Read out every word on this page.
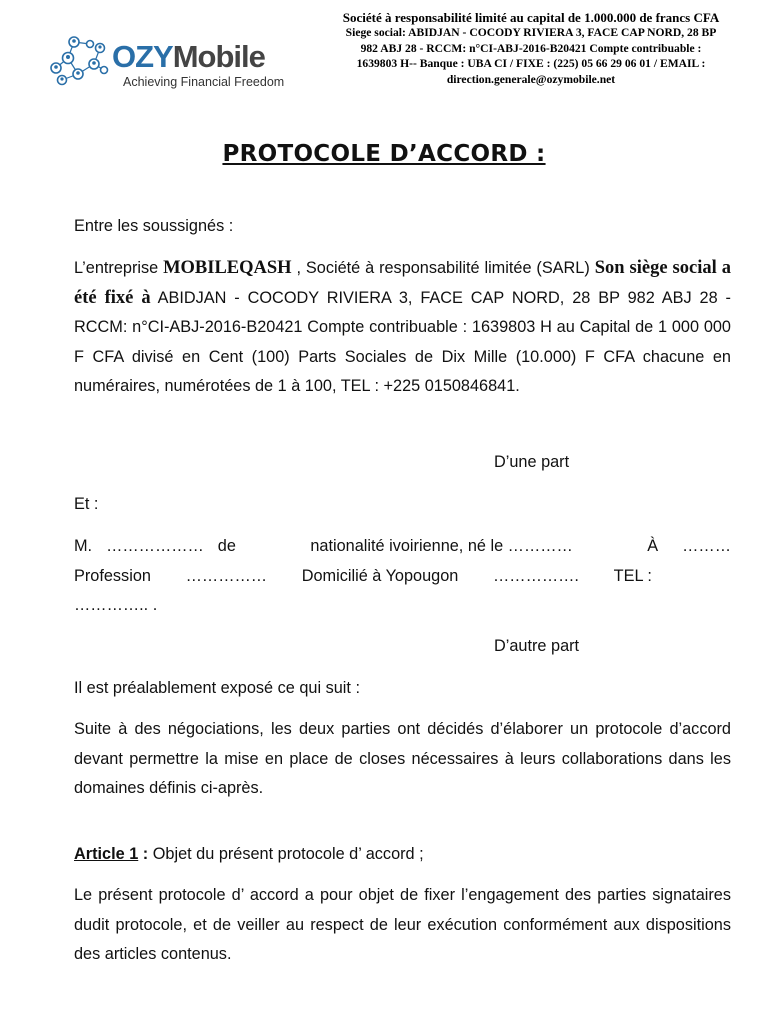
OZYMobile
Achieving Financial Freedom
Société à responsabilité limité au capital de 1.000.000 de francs CFA
Siege social: ABIDJAN - COCODY RIVIERA 3, FACE CAP NORD, 28 BP
982 ABJ 28 - RCCM: n°CI-ABJ-2016-B20421 Compte contribuable :
1639803 H-- Banque : UBA CI / FIXE : (225) 05 66 29 06 01 / EMAIL :
direction.generale@ozymobile.net
PROTOCOLE D’ACCORD :
Entre les soussignés :
L’entreprise MOBILEQASH , Société à responsabilité limitée (SARL) Son siège social a été fixé à ABIDJAN - COCODY RIVIERA 3, FACE CAP NORD, 28 BP 982 ABJ 28 - RCCM: n°CI-ABJ-2016-B20421 Compte contribuable : 1639803 H au Capital de 1 000 000 F CFA divisé en Cent (100) Parts Sociales de Dix Mille (10.000) F CFA chacune en numéraires, numérotées de 1 à 100, TEL : +225 0150846841.
D’une part
Et :
M. ……………… de	nationalité ivoirienne, né le …………	À ………
Profession …………… Domicilié à Yopougon ……………. TEL :
………….. .
D’autre part
Il est préalablement exposé ce qui suit :
Suite à des négociations, les deux parties ont décidés d’élaborer un protocole d’accord devant permettre la mise en place de closes nécessaires à leurs collaborations dans les domaines définis ci-après.
Article 1 : Objet du présent protocole d’ accord ;
Le présent protocole d’ accord a pour objet de fixer l’engagement des parties signataires dudit protocole, et de veiller au respect de leur exécution conformément aux dispositions des articles contenus.
